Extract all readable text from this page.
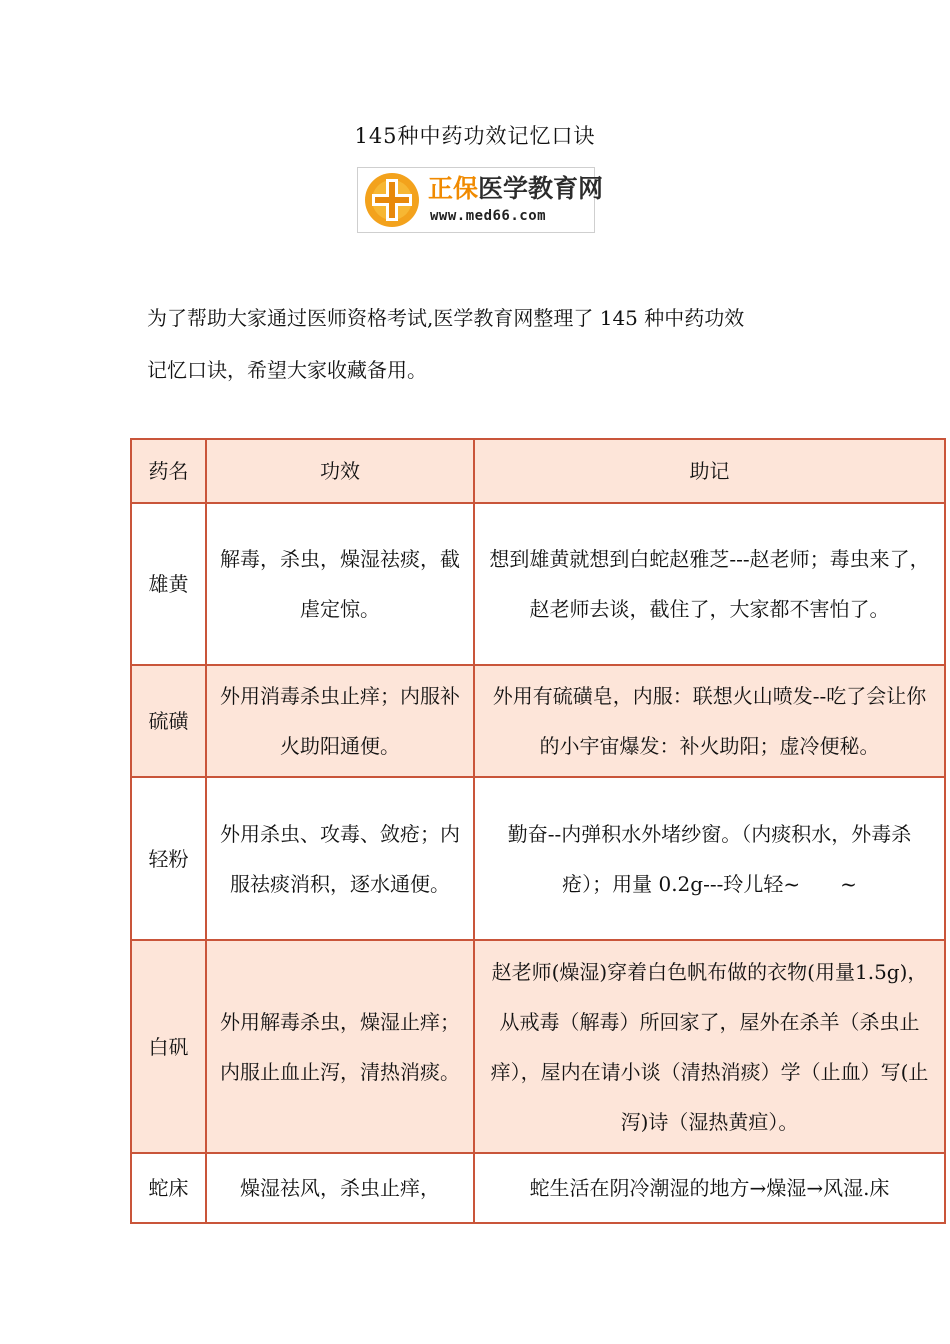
145种中药功效记忆口诀
正保医学教育网
www.med66.com

为了帮助大家通过医师资格考试,医学教育网整理了 145 种中药功效

记忆口诀，希望大家收藏备用。

药名	功效	助记
雄黄	解毒，杀虫，燥湿祛痰，截虐定惊。	想到雄黄就想到白蛇赵雅芝---赵老师；毒虫来了，赵老师去谈，截住了，大家都不害怕了。
硫磺	外用消毒杀虫止痒；内服补火助阳通便。	外用有硫磺皂，内服：联想火山喷发--吃了会让你的小宇宙爆发：补火助阳；虚冷便秘。
轻粉	外用杀虫、攻毒、敛疮；内服祛痰消积，逐水通便。	勤奋--内弹积水外堵纱窗。（内痰积水，外毒杀疮）；用量 0.2g---玲儿轻~　　~
白矾	外用解毒杀虫，燥湿止痒；内服止血止泻，清热消痰。	赵老师(燥湿)穿着白色帆布做的衣物(用量1.5g)，从戒毒（解毒）所回家了，屋外在杀羊（杀虫止痒），屋内在请小谈（清热消痰）学（止血）写(止泻)诗（湿热黄疸）。
蛇床	燥湿祛风，杀虫止痒，	蛇生活在阴冷潮湿的地方→燥湿→风湿.床
